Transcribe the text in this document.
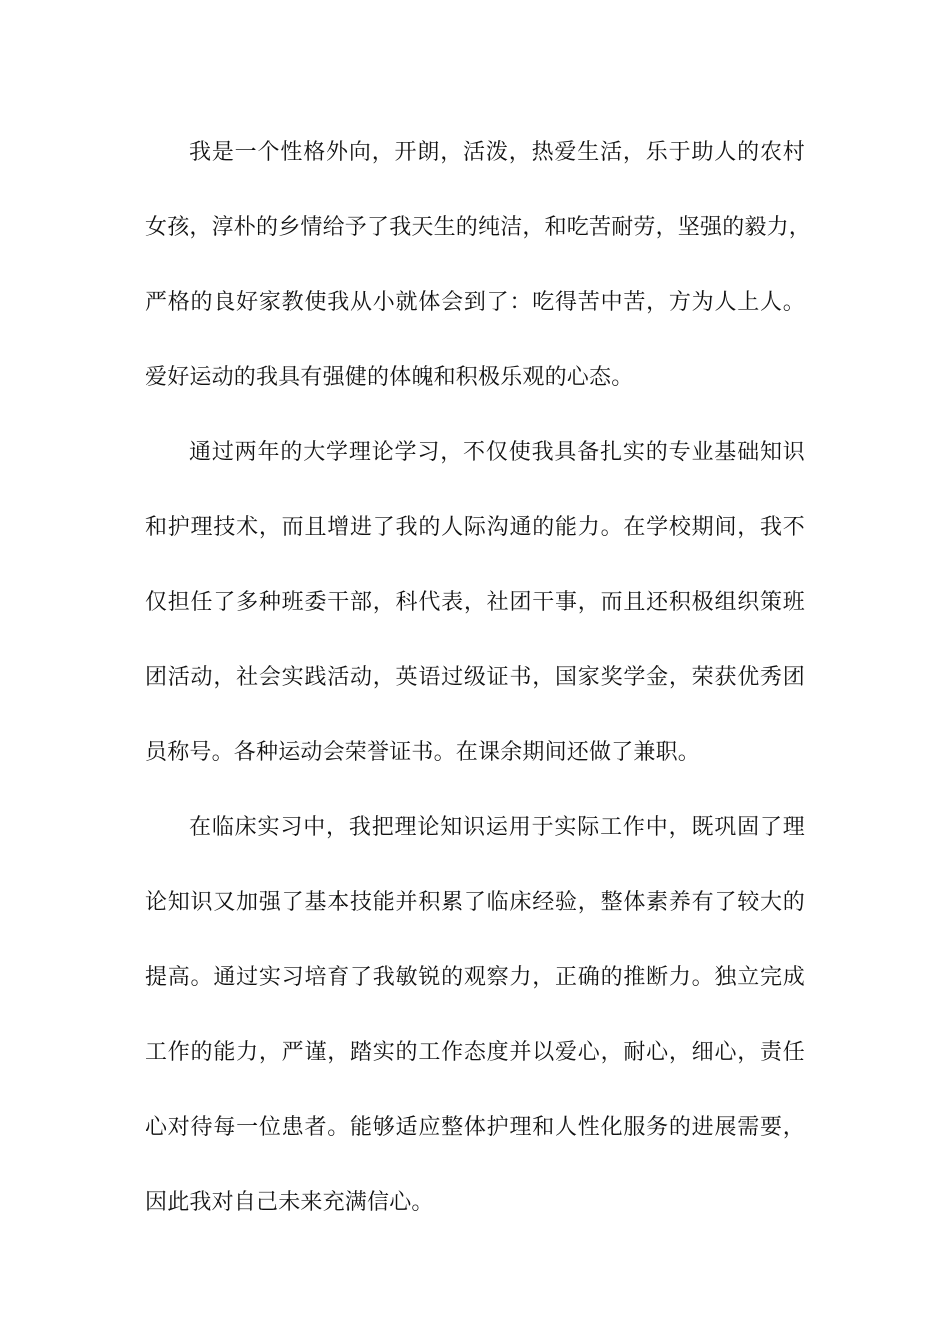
我是一个性格外向，开朗，活泼，热爱生活，乐于助人的农村
女孩，淳朴的乡情给予了我天生的纯洁，和吃苦耐劳，坚强的毅力，
严格的良好家教使我从小就体会到了：吃得苦中苦，方为人上人。
爱好运动的我具有强健的体魄和积极乐观的心态。
通过两年的大学理论学习，不仅使我具备扎实的专业基础知识
和护理技术，而且增进了我的人际沟通的能力。在学校期间，我不
仅担任了多种班委干部，科代表，社团干事，而且还积极组织策班
团活动，社会实践活动，英语过级证书，国家奖学金，荣获优秀团
员称号。各种运动会荣誉证书。在课余期间还做了兼职。
在临床实习中，我把理论知识运用于实际工作中，既巩固了理
论知识又加强了基本技能并积累了临床经验，整体素养有了较大的
提高。通过实习培育了我敏锐的观察力，正确的推断力。独立完成
工作的能力，严谨，踏实的工作态度并以爱心，耐心，细心，责任
心对待每一位患者。能够适应整体护理和人性化服务的进展需要，
因此我对自己未来充满信心。
